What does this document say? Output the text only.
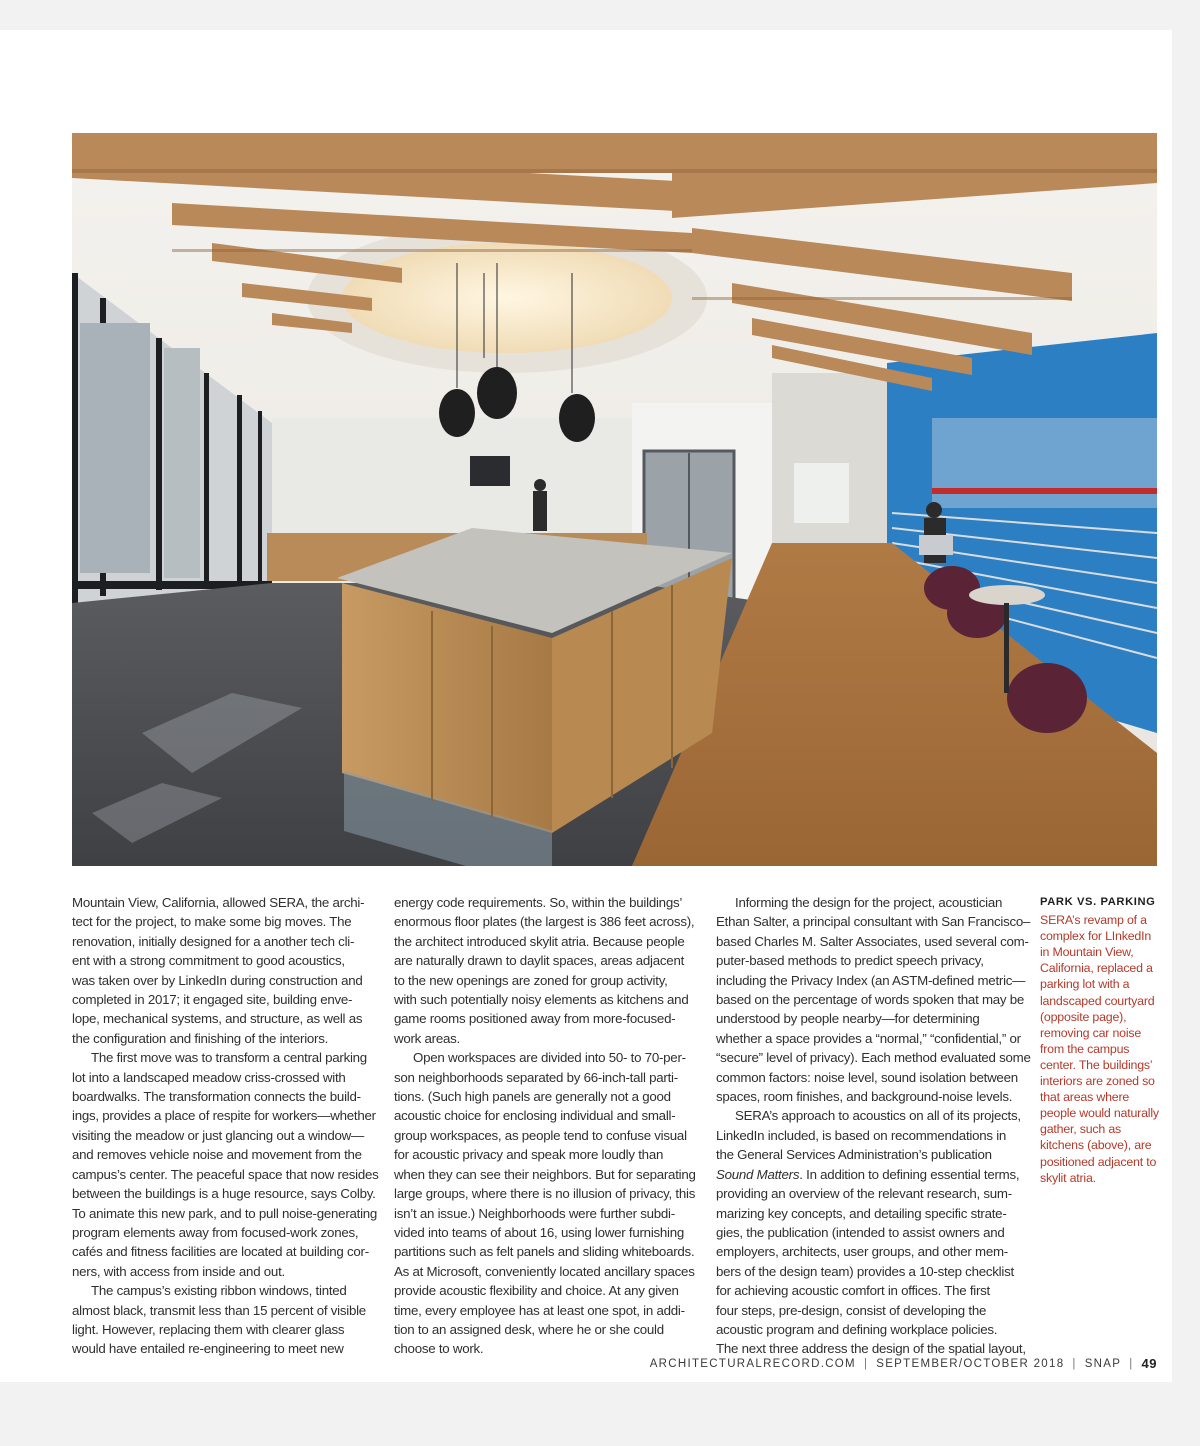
Mountain View, California, allowed SERA, the archi-
tect for the project, to make some big moves. The
renovation, initially designed for a another tech cli-
ent with a strong commitment to good acoustics,
was taken over by LinkedIn during construction and
completed in 2017; it engaged site, building enve-
lope, mechanical systems, and structure, as well as
the configuration and finishing of the interiors.
The first move was to transform a central parking
lot into a landscaped meadow criss-crossed with
boardwalks. The transformation connects the build-
ings, provides a place of respite for workers—whether
visiting the meadow or just glancing out a window—
and removes vehicle noise and movement from the
campus’s center. The peaceful space that now resides
between the buildings is a huge resource, says Colby.
To animate this new park, and to pull noise-generating
program elements away from focused-work zones,
cafés and fitness facilities are located at building cor-
ners, with access from inside and out.
The campus’s existing ribbon windows, tinted
almost black, transmit less than 15 percent of visible
light. However, replacing them with clearer glass
would have entailed re-engineering to meet new
energy code requirements. So, within the buildings’
enormous floor plates (the largest is 386 feet across),
the architect introduced skylit atria. Because people
are naturally drawn to daylit spaces, areas adjacent
to the new openings are zoned for group activity,
with such potentially noisy elements as kitchens and
game rooms positioned away from more-focused-
work areas.
Open workspaces are divided into 50- to 70-per-
son neighborhoods separated by 66-inch-tall parti-
tions. (Such high panels are generally not a good
acoustic choice for enclosing individual and small-
group workspaces, as people tend to confuse visual
for acoustic privacy and speak more loudly than
when they can see their neighbors. But for separating
large groups, where there is no illusion of privacy, this
isn’t an issue.) Neighborhoods were further subdi-
vided into teams of about 16, using lower furnishing
partitions such as felt panels and sliding whiteboards.
As at Microsoft, conveniently located ancillary spaces
provide acoustic flexibility and choice. At any given
time, every employee has at least one spot, in addi-
tion to an assigned desk, where he or she could
choose to work.
Informing the design for the project, acoustician
Ethan Salter, a principal consultant with San Francisco–
based Charles M. Salter Associates, used several com-
puter-based methods to predict speech privacy,
including the Privacy Index (an ASTM-defined metric—
based on the percentage of words spoken that may be
understood by people nearby—for determining
whether a space provides a “normal,” “confidential,” or
“secure” level of privacy). Each method evaluated some
common factors: noise level, sound isolation between
spaces, room finishes, and background-noise levels.
SERA’s approach to acoustics on all of its projects,
LinkedIn included, is based on recommendations in
the General Services Administration’s publication
Sound Matters. In addition to defining essential terms,
providing an overview of the relevant research, sum-
marizing key concepts, and detailing specific strate-
gies, the publication (intended to assist owners and
employers, architects, user groups, and other mem-
bers of the design team) provides a 10-step checklist
for achieving acoustic comfort in offices. The first
four steps, pre-design, consist of developing the
acoustic program and defining workplace policies.
The next three address the design of the spatial layout,
PARK VS. PARKING
SERA’s revamp of a
complex for LInkedIn
in Mountain View,
California, replaced a
parking lot with a
landscaped courtyard
(opposite page),
removing car noise
from the campus
center. The buildings’
interiors are zoned so
that areas where
people would naturally
gather, such as
kitchens (above), are
positioned adjacent to
skylit atria.
ARCHITECTURALRECORD.COM | SEPTEMBER/OCTOBER 2018 | SNAP | 49
